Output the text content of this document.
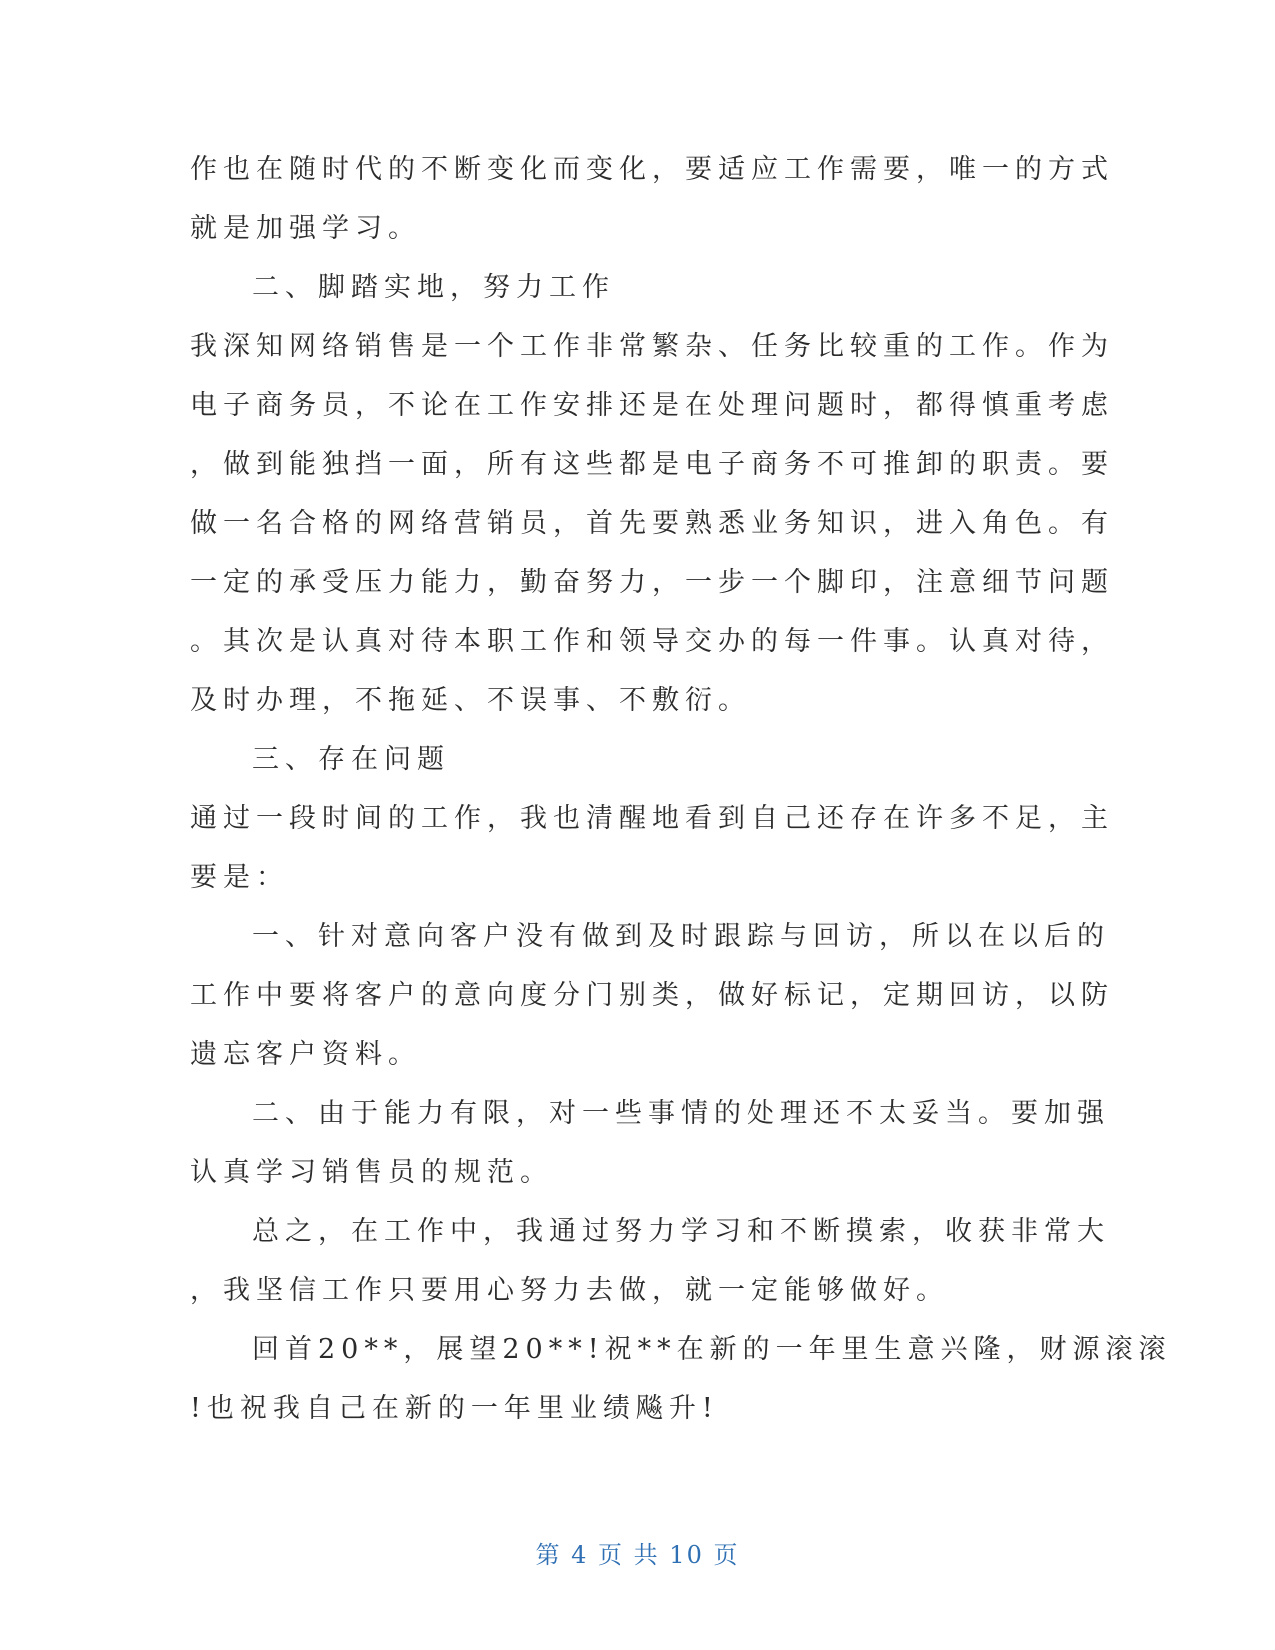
作也在随时代的不断变化而变化，要适应工作需要，唯一的方式
就是加强学习。
二、脚踏实地，努力工作
我深知网络销售是一个工作非常繁杂、任务比较重的工作。作为
电子商务员，不论在工作安排还是在处理问题时，都得慎重考虑
，做到能独挡一面，所有这些都是电子商务不可推卸的职责。要
做一名合格的网络营销员，首先要熟悉业务知识，进入角色。有
一定的承受压力能力，勤奋努力，一步一个脚印，注意细节问题
。其次是认真对待本职工作和领导交办的每一件事。认真对待，
及时办理，不拖延、不误事、不敷衍。
三、存在问题
通过一段时间的工作，我也清醒地看到自己还存在许多不足，主
要是：
一、针对意向客户没有做到及时跟踪与回访，所以在以后的
工作中要将客户的意向度分门别类，做好标记，定期回访，以防
遗忘客户资料。
二、由于能力有限，对一些事情的处理还不太妥当。要加强
认真学习销售员的规范。
总之，在工作中，我通过努力学习和不断摸索，收获非常大
，我坚信工作只要用心努力去做，就一定能够做好。
回首20**，展望20**!祝**在新的一年里生意兴隆，财源滚滚
!也祝我自己在新的一年里业绩飚升!
第 4 页 共 10 页
